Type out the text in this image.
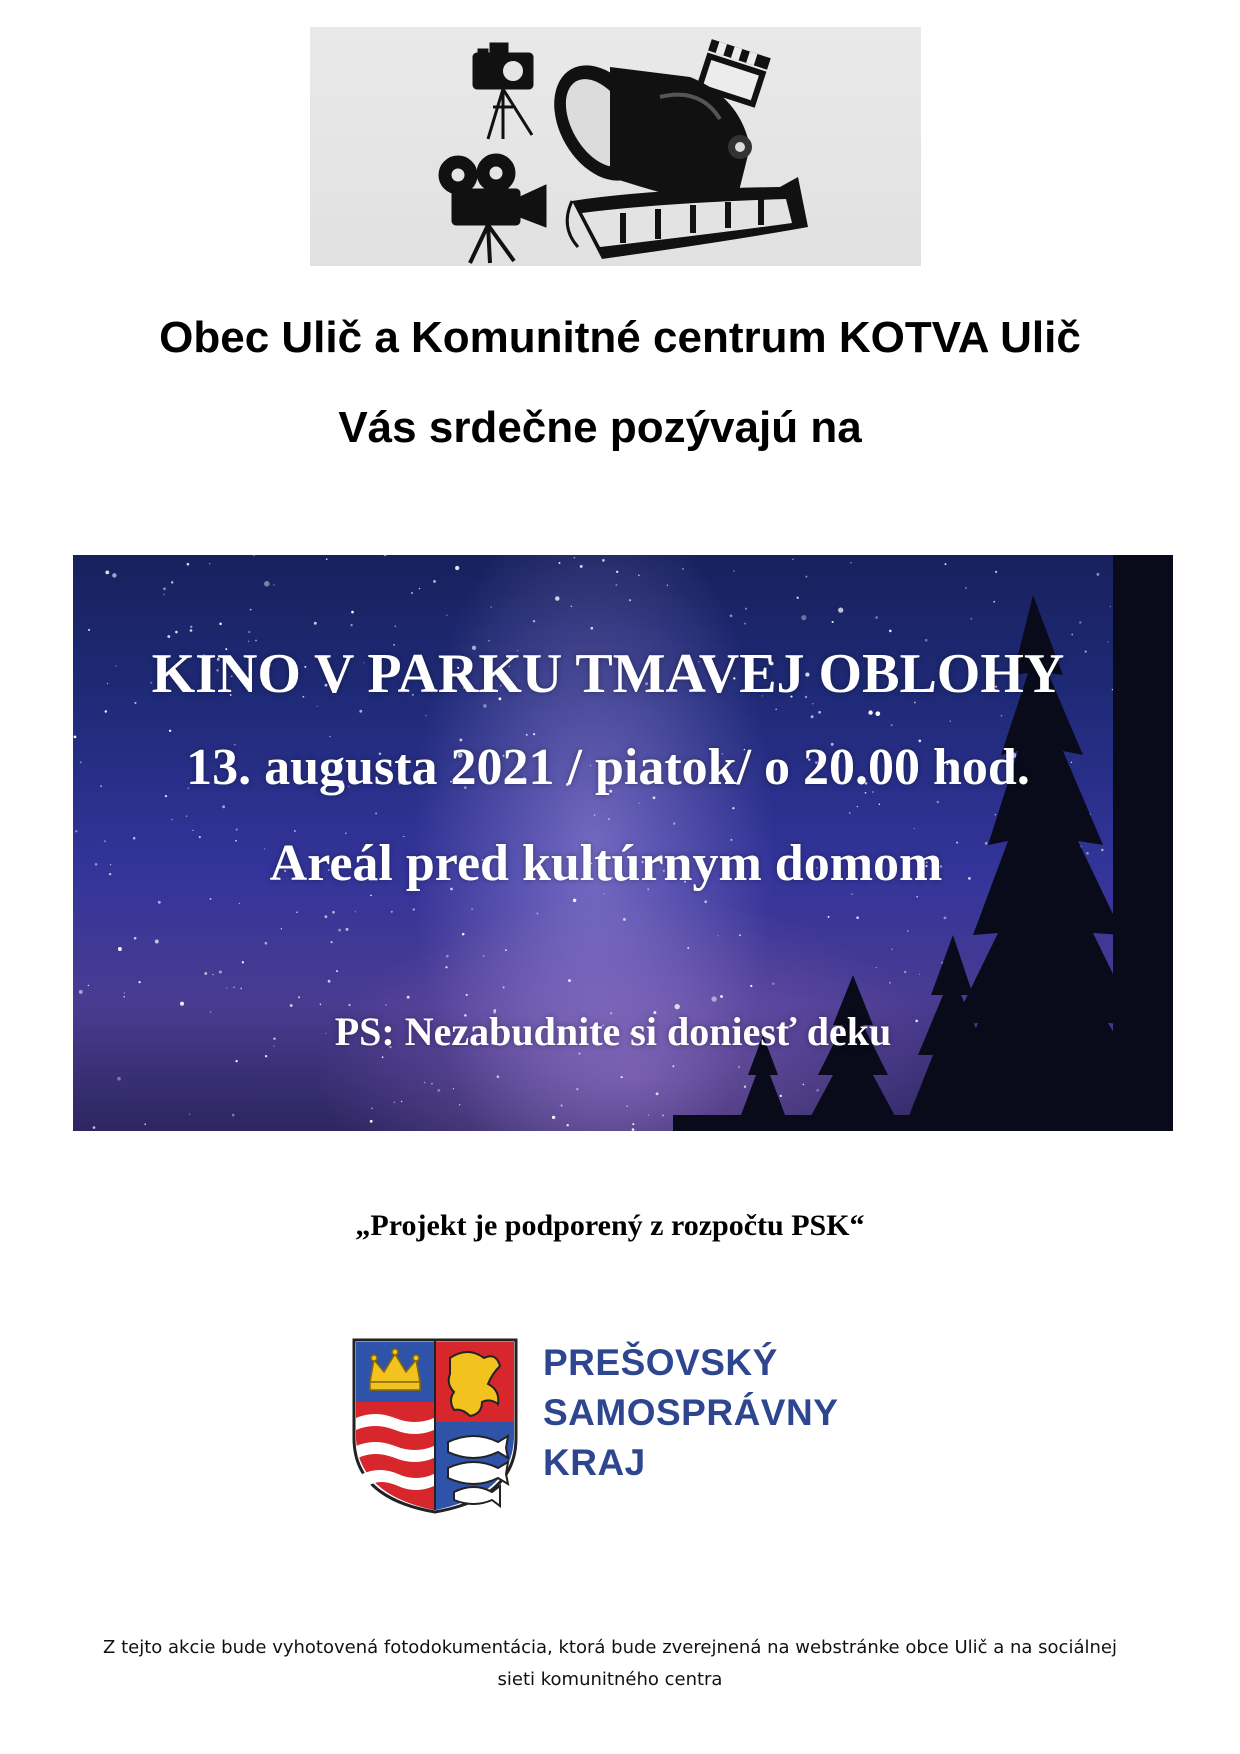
Obec Ulič a Komunitné centrum KOTVA Ulič
Vás srdečne pozývajú na

KINO V PARKU TMAVEJ OBLOHY

13. augusta 2021 / piatok/ o 20.00 hod.

Areál pred kultúrnym domom

PS: Nezabudnite si doniesť deku

„Projekt je podporený z rozpočtu PSK“

PREŠOVSKÝ
SAMOSPRÁVNY
KRAJ

Z tejto akcie bude vyhotovená fotodokumentácia, ktorá bude zverejnená na webstránke obce Ulič a na sociálnej
sieti komunitného centra
